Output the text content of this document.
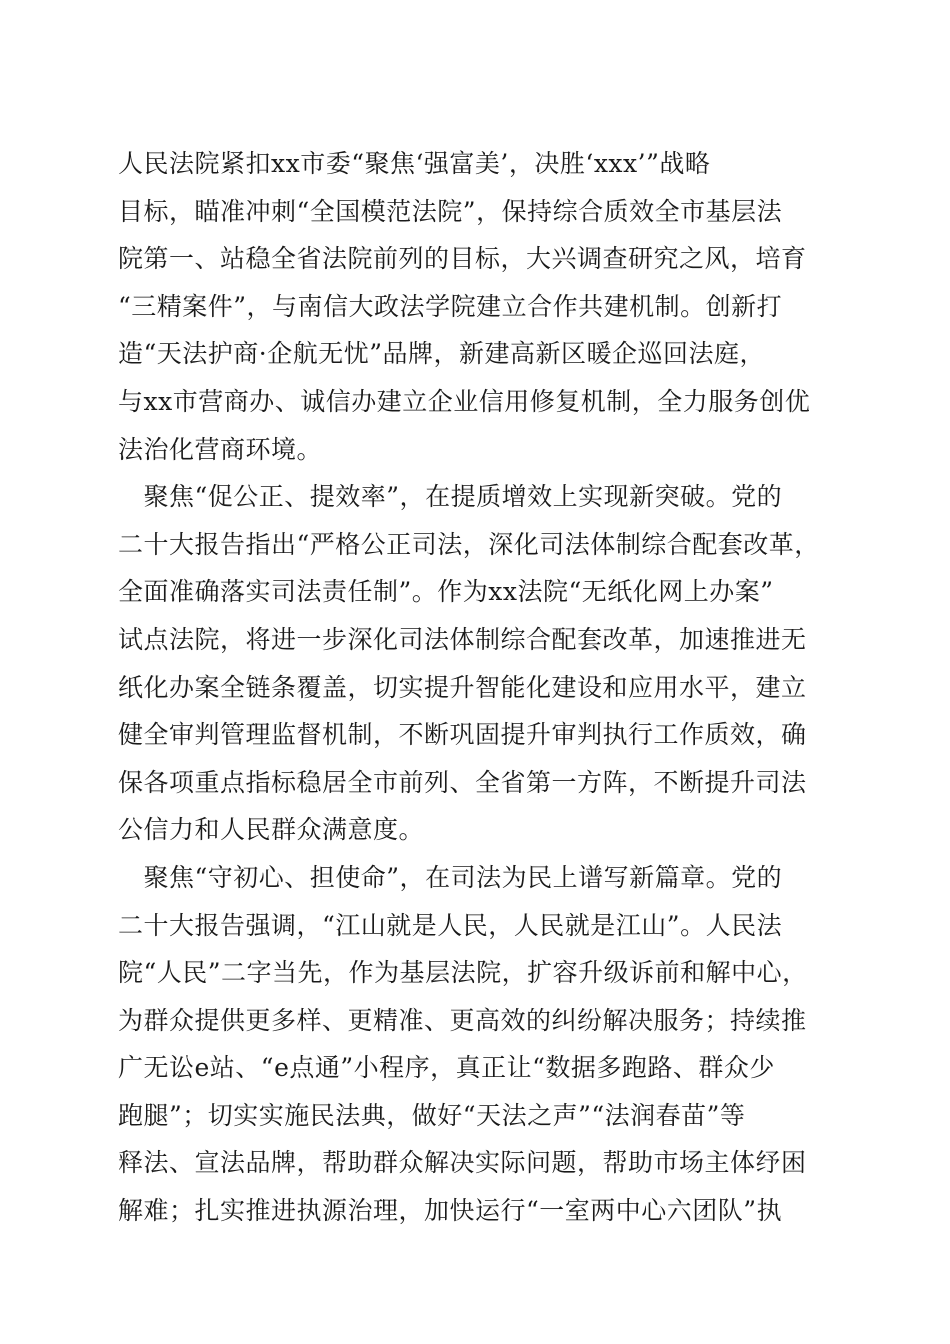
人民法院紧扣xx市委“聚焦‘强富美’，决胜‘xxx’”战略
目标，瞄准冲刺“全国模范法院”，保持综合质效全市基层法
院第一、站稳全省法院前列的目标，大兴调查研究之风，培育
“三精案件”，与南信大政法学院建立合作共建机制。创新打
造“天法护商·企航无忧”品牌，新建高新区暖企巡回法庭，
与xx市营商办、诚信办建立企业信用修复机制，全力服务创优
法治化营商环境。
　聚焦“促公正、提效率”，在提质增效上实现新突破。党的
二十大报告指出“严格公正司法，深化司法体制综合配套改革，
全面准确落实司法责任制”。作为xx法院“无纸化网上办案”
试点法院，将进一步深化司法体制综合配套改革，加速推进无
纸化办案全链条覆盖，切实提升智能化建设和应用水平，建立
健全审判管理监督机制，不断巩固提升审判执行工作质效，确
保各项重点指标稳居全市前列、全省第一方阵，不断提升司法
公信力和人民群众满意度。
　聚焦“守初心、担使命”，在司法为民上谱写新篇章。党的
二十大报告强调，“江山就是人民，人民就是江山”。人民法
院“人民”二字当先，作为基层法院，扩容升级诉前和解中心，
为群众提供更多样、更精准、更高效的纠纷解决服务；持续推
广无讼e站、“e点通”小程序，真正让“数据多跑路、群众少
跑腿”；切实实施民法典，做好“天法之声”“法润春苗”等
释法、宣法品牌，帮助群众解决实际问题，帮助市场主体纾困
解难；扎实推进执源治理，加快运行“一室两中心六团队”执
